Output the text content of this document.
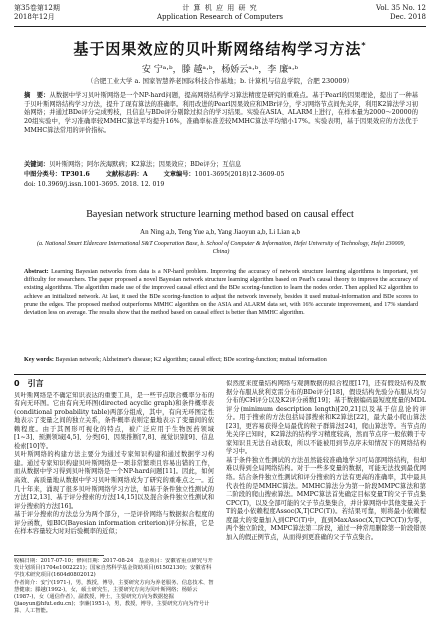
第35卷第12期
2018年12月
计 算 机 应 用 研 究
Application Research of Computers
Vol. 35 No. 12
Dec. 2018
基于因果效应的贝叶斯网络结构学习方法*
安 宁ᵃ·ᵇ，滕 越ᵃ·ᵇ，杨娇云ᵃ·ᵇ，李 廉ᵃ·ᵇ
（合肥工业大学 a. 国家智慧养老国际科技合作基地；b. 计算机与信息学院，合肥 230009）

摘　要：从数据中学习贝叶斯网络是一个NP-hard问题，提高网络结构学习算法精度是研究的重难点。基于Pearl的因果理论，提出了一种基于贝叶斯网络结构学习方法，提升了现有算法的准确率。利用改进的Pearl因果效应和MBr评分，学习网络节点间先关序，利用K2算法学习初始网络；并通过BDe评分完成剪枝，且信息与BDe评分剔除过拟合的学习结果。实验在ASIA、ALARM上进行，在样本量为2000～20000的20组实验中，学习准确率较MMHC算法平均提升16%，准确率标准差较MMHC算法平均缩小17%。实验表明，基于因果效应的方法优于MMHC算法常用的评价指标。

关键词：贝叶斯网络；阿尔茨海默病；K2算法；因果效应；BDe评分；互信息

中图分类号：TP301.6	文献标志码：A	文章编号：1001-3695(2018)12-3609-05
doi: 10.3969/j.issn.1001-3695. 2018. 12. 019
Bayesian network structure learning method based on causal effect
An Ning a,b, Teng Yue a,b, Yang Jiaoyun a,b, Li Lian a,b
(a. National Smart Eldercare International S&T Cooperation Base, b. School of Computer & Information, Hefei University of Technology, Hefei 230009, China)

Abstract: Learning Bayesian networks from data is a NP-hard problem. Improving the accuracy of network structure learning algorithms is important, yet difficulty for researchers. The paper proposed a novel Bayesian network structure learning algorithm based on Pearl's causal theory to improve the accuracy of existing algorithms. The algorithm made use of the improved causal effect and the BDe scoring-function to learn the nodes order. Then applied K2 algorithm to achieve an initialized network. At last, it used the BDe scoring-function to adjust the network inversely, besides it used mutual-information and BDe scores to prune the edges. The proposed method outperforms MMHC algorithm on the ASIA and ALARM data set, with 16% accurate improvement, and 17% standard deviation less on average. The results show that the method based on causal effect is better than MMHC algorithm.

Key words: Bayesian network; Alzheimer's disease; K2 algorithm; causal effect; BDe scoring-function; mutual information

0　引言
贝叶斯网络是不确定知识表达的重要工具，是一些节点联合概率分布的有向无环图。它由有向无环图(directed acyclic graph)和条件概率表(conditional probability table)两部分组成，其中，有向无环图定性地表示了变量之间的独立关系，条件概率表则定量地表示了变量间的依赖程度。由于其图形可视化的特点，被广泛应用于生物医药领域[1~3]、预测领域[4,5]、分类[6]、因果推断[7,8]、视觉识别[9]、信息检索[10]等。
贝叶斯网络的构建方法主要分为通过专家知识构建和通过数据学习构建。通过专家知识构建贝叶斯网络是一项非常繁琐且容易出错的工作，而从数据中学习得到贝叶斯网络是一个NP-hard问题[11]。因此，如何高效、高质量地从数据中学习贝叶斯网络成为了研究的重难点之一。近几十年来，涌现了很多贝叶斯网络学习方法，如基于条件独立性测试的方法[12,13]、基于评分搜索的方法[14,15]以及混合条件独立性测试和评分搜索的方法[16]。
基于评分搜索的方法总分为两个部分，一是评价网络与数据拟合程度的评分函数，如BIC(Bayesian information criterion)评分标准，它是在样本容量较大时对后验概率的近似；
似然度来度量结构网络与观测数据的拟合程度[17]，还有假设结构及数据分布服从狄利克雷分布的BDe评分[18]，假设结构先验分布服从均匀分布的CH评分以及K2评分函数[19]；基于数据编码最短度度量的MDL评分(minimum description length)[20,21]以及基于信息论的评分。用于搜索的方法包括局部搜索和K2算法[22]，最大最小爬山算法[23]，更容易获得全局最优的粒子群算法[24]，爬山算法等。当节点的先关序已知时，K2算法的结构学习精度较高，然而节点序一般依赖于专家知识且无法自动获取，所以不能被用到节点序未知情况下的网络结构学习中。
基于条件独立性测试的方法虽然能较准确地学习可局部网络结构，但却难以得到全局网络结构。对于一些多变量的数据，可能无法找到最优网络。结合条件独立性测试和评分搜索的方法有更高的准确率，其中最具代表性的是MMHC算法。MMHC算法分为第一阶段MMPC算法和第二阶段的爬山搜索算法。MMPC算法首先确定目标变量T的父子节点集CPC(T)，以及全部可能的父子节点集集合，并计算网络中其他变量关于T的最小依赖程度Assoc(X,T|CPC(T))。若结果可靠，则将最小依赖程度最大的变量加入到CPC(T)中，直到MaxAssoc(X,T|CPC(T))为零，两个独立阶段，MMPC算法第二阶段，通过一种常用删除第一阶段错误加入的假正例节点，从而得到更准确的父子节点集合。
收稿日期：2017-07-10；修回日期：2017-08-24　基金项目：安徽省重点研究与开发计划项目(1704e1002221)；国家自然科学基金资助项目(61502130)；安徽省科学技术研究项目(1604d0802012)
作者简介：安宁(1971-)，男，教授，博导，主要研究方向为养老服务、信息技术、智慧健康；滕越(1992-)，女，硕士研究生，主要研究方向为贝叶斯网络；杨娇云(1987-)，女（通信作者），副教授，博士，主要研究方向为数据挖掘(jiaoyun@hfut.edu.cn)；李廉(1951-)，男，教授，博导，主要研究方向为符号计算、人工智能。
